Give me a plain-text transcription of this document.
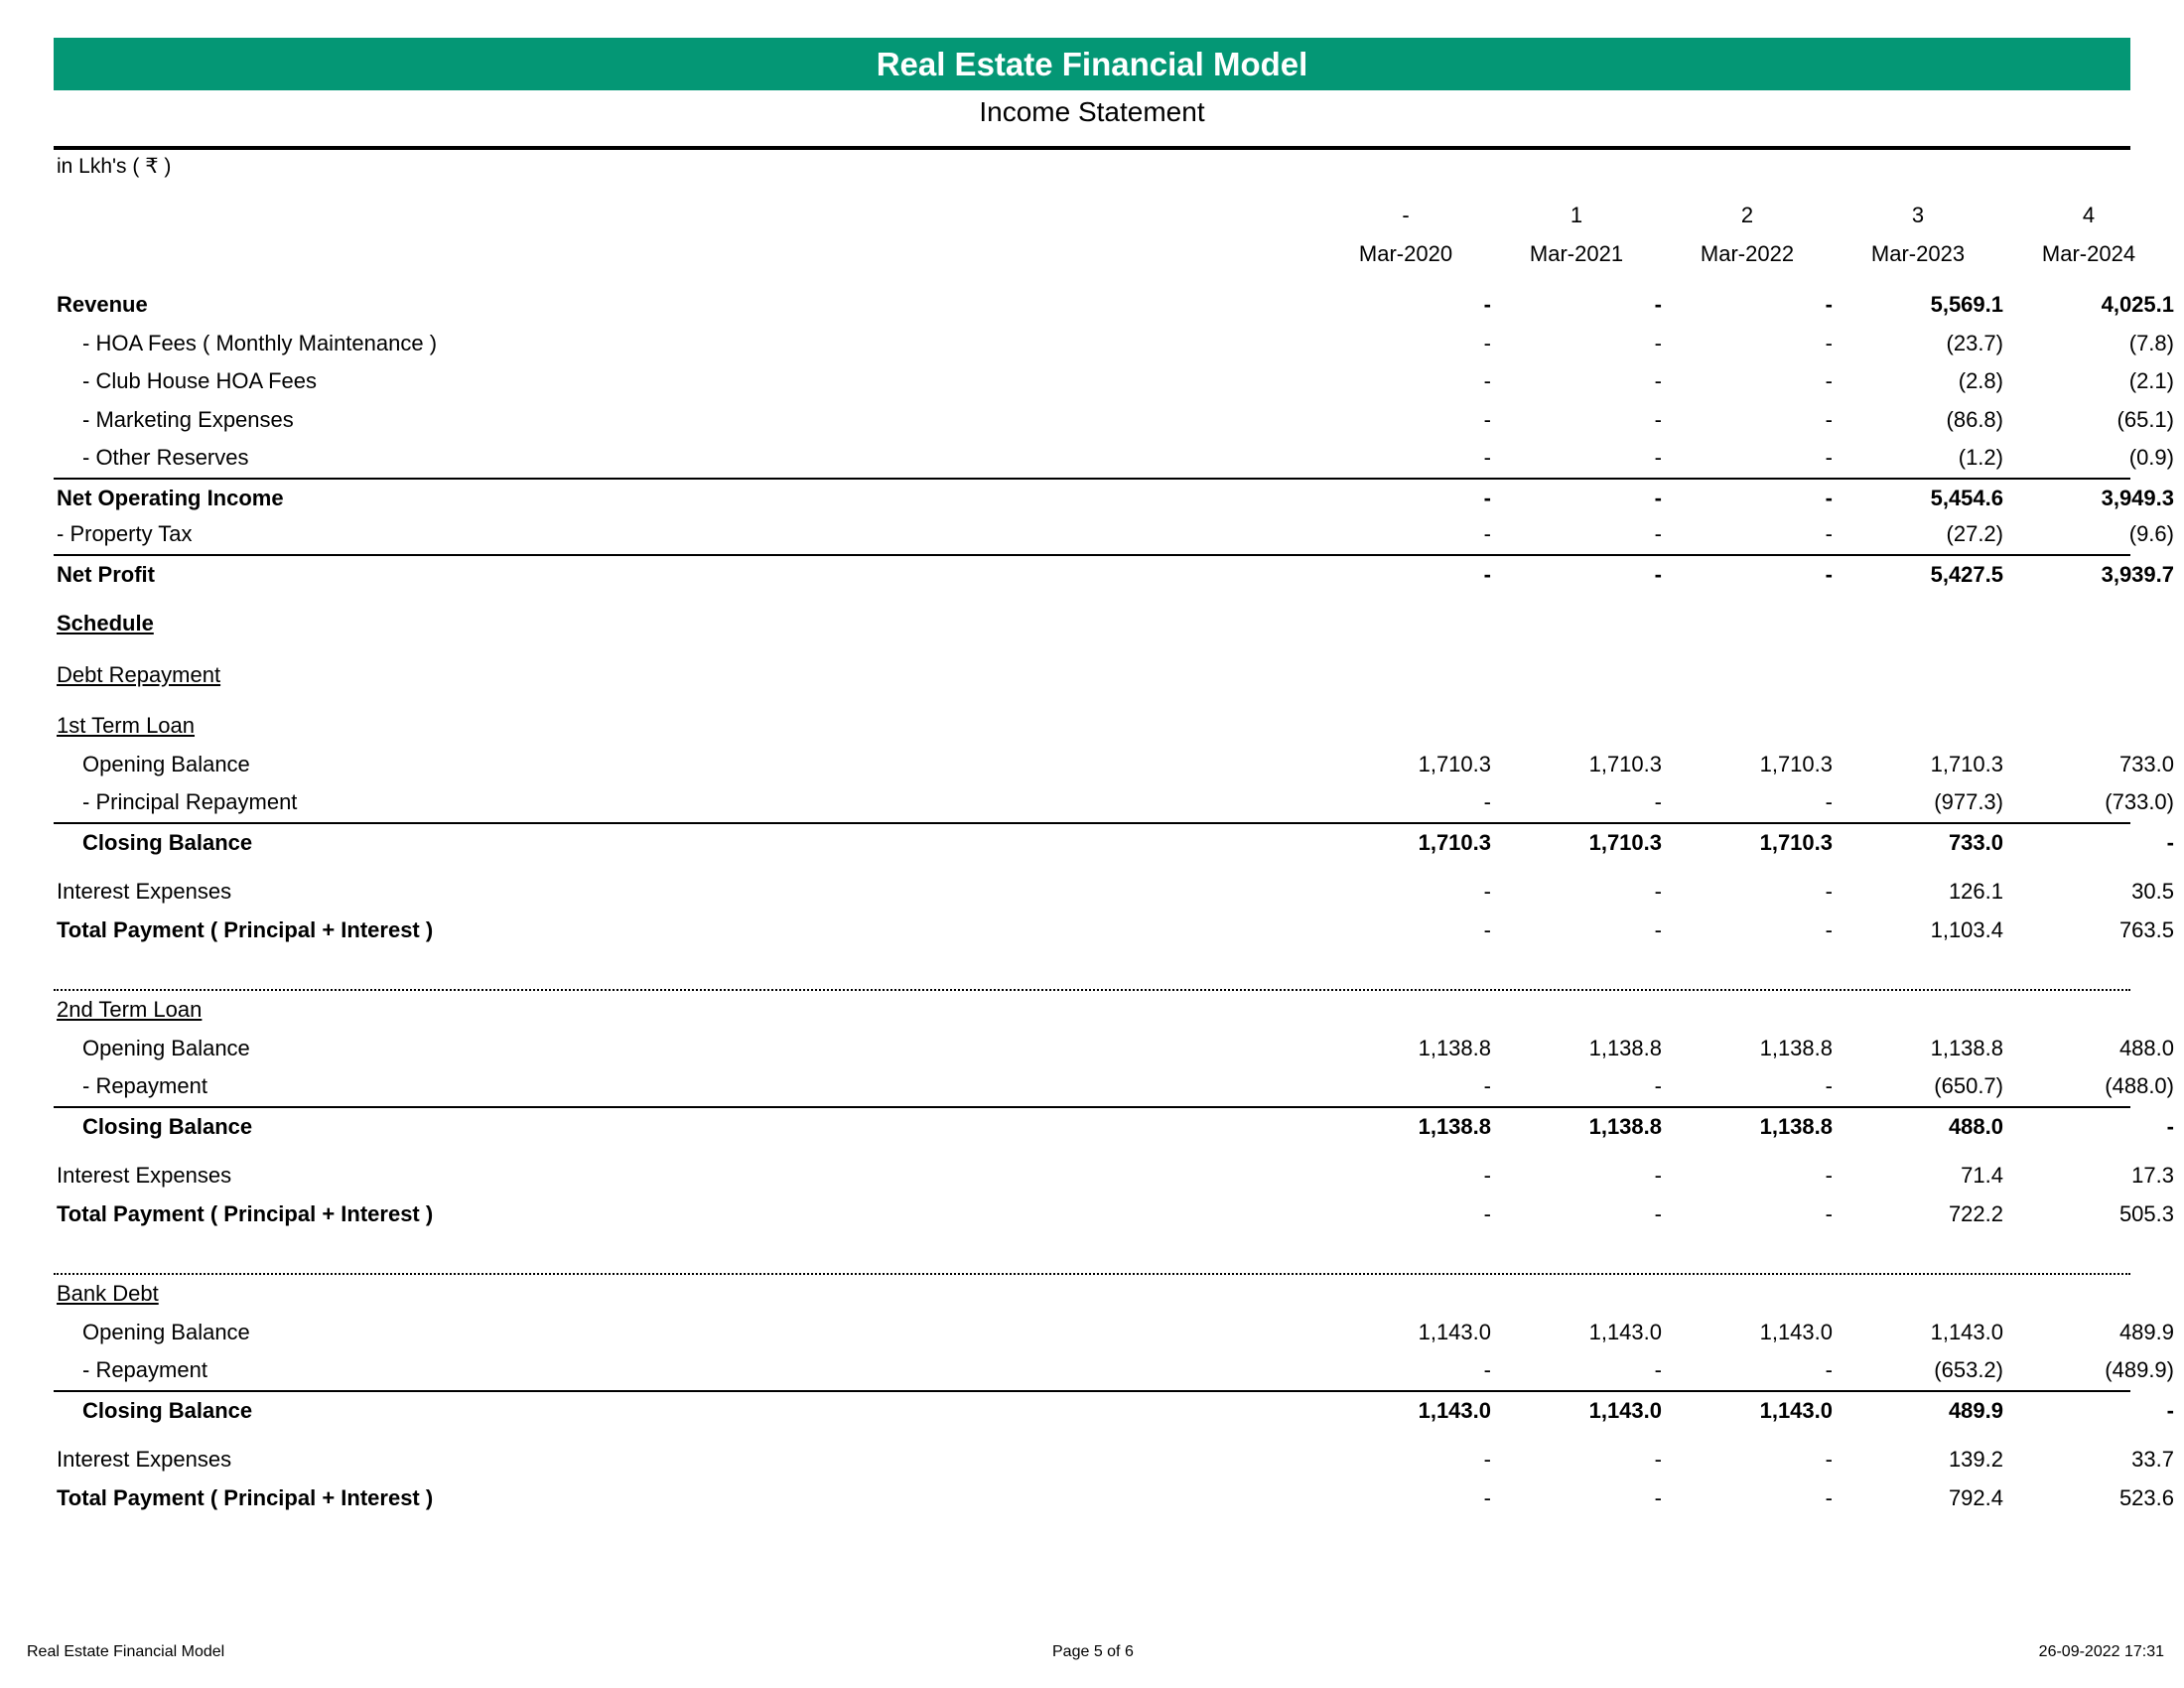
Real Estate Financial Model
Income Statement
in Lkh's ( ₹ )
-	1	2	3	4
Mar-2020	Mar-2021	Mar-2022	Mar-2023	Mar-2024
Revenue	-	-	-	5,569.1	4,025.1
- HOA Fees ( Monthly Maintenance )	-	-	-	(23.7)	(7.8)
- Club House HOA Fees	-	-	-	(2.8)	(2.1)
- Marketing Expenses	-	-	-	(86.8)	(65.1)
- Other Reserves	-	-	-	(1.2)	(0.9)
Net Operating Income	-	-	-	5,454.6	3,949.3
- Property Tax	-	-	-	(27.2)	(9.6)
Net Profit	-	-	-	5,427.5	3,939.7
Schedule
Debt Repayment
1st Term Loan
Opening Balance	1,710.3	1,710.3	1,710.3	1,710.3	733.0
- Principal Repayment	-	-	-	(977.3)	(733.0)
Closing Balance	1,710.3	1,710.3	1,710.3	733.0	-
Interest Expenses	-	-	-	126.1	30.5
Total Payment ( Principal + Interest )	-	-	-	1,103.4	763.5
2nd Term Loan
Opening Balance	1,138.8	1,138.8	1,138.8	1,138.8	488.0
- Repayment	-	-	-	(650.7)	(488.0)
Closing Balance	1,138.8	1,138.8	1,138.8	488.0	-
Interest Expenses	-	-	-	71.4	17.3
Total Payment ( Principal + Interest )	-	-	-	722.2	505.3
Bank Debt
Opening Balance	1,143.0	1,143.0	1,143.0	1,143.0	489.9
- Repayment	-	-	-	(653.2)	(489.9)
Closing Balance	1,143.0	1,143.0	1,143.0	489.9	-
Interest Expenses	-	-	-	139.2	33.7
Total Payment ( Principal + Interest )	-	-	-	792.4	523.6
Real Estate Financial Model	Page 5 of 6	26-09-2022 17:31
